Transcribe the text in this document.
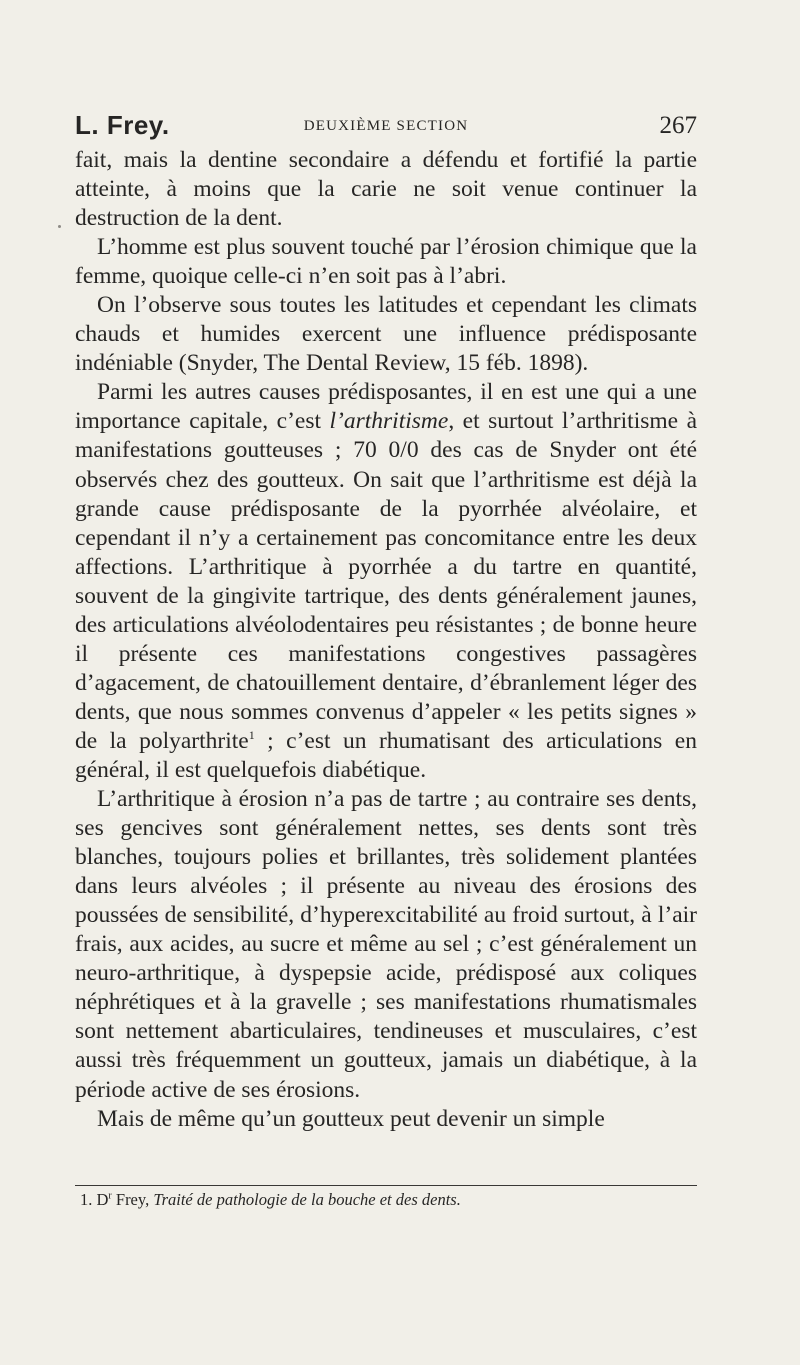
L. Frey.	DEUXIÈME SECTION	267

fait, mais la dentine secondaire a défendu et fortifié la partie atteinte, à moins que la carie ne soit venue continuer la destruction de la dent.

L’homme est plus souvent touché par l’érosion chimique que la femme, quoique celle-ci n’en soit pas à l’abri.

On l’observe sous toutes les latitudes et cependant les climats chauds et humides exercent une influence prédisposante indéniable (Snyder, The Dental Review, 15 féb. 1898).

Parmi les autres causes prédisposantes, il en est une qui a une importance capitale, c’est l’arthritisme, et surtout l’arthritisme à manifestations goutteuses ; 70 0/0 des cas de Snyder ont été observés chez des goutteux. On sait que l’arthritisme est déjà la grande cause prédisposante de la pyorrhée alvéolaire, et cependant il n’y a certainement pas concomitance entre les deux affections. L’arthritique à pyorrhée a du tartre en quantité, souvent de la gingivite tartrique, des dents généralement jaunes, des articulations alvéolodentaires peu résistantes ; de bonne heure il présente ces manifestations congestives passagères d’agacement, de chatouillement dentaire, d’ébranlement léger des dents, que nous sommes convenus d’appeler « les petits signes » de la polyarthrite$^1$ ; c’est un rhumatisant des articulations en général, il est quelquefois diabétique.

L’arthritique à érosion n’a pas de tartre ; au contraire ses dents, ses gencives sont généralement nettes, ses dents sont très blanches, toujours polies et brillantes, très solidement plantées dans leurs alvéoles ; il présente au niveau des érosions des poussées de sensibilité, d’hyperexcitabilité au froid surtout, à l’air frais, aux acides, au sucre et même au sel ; c’est généralement un neuro-arthritique, à dyspepsie acide, prédisposé aux coliques néphrétiques et à la gravelle ; ses manifestations rhumatismales sont nettement abarticulaires, tendineuses et musculaires, c’est aussi très fréquemment un goutteux, jamais un diabétique, à la période active de ses érosions.

Mais de même qu’un goutteux peut devenir un simple

1. $D^r$ Frey, Traité de pathologie de la bouche et des dents.
